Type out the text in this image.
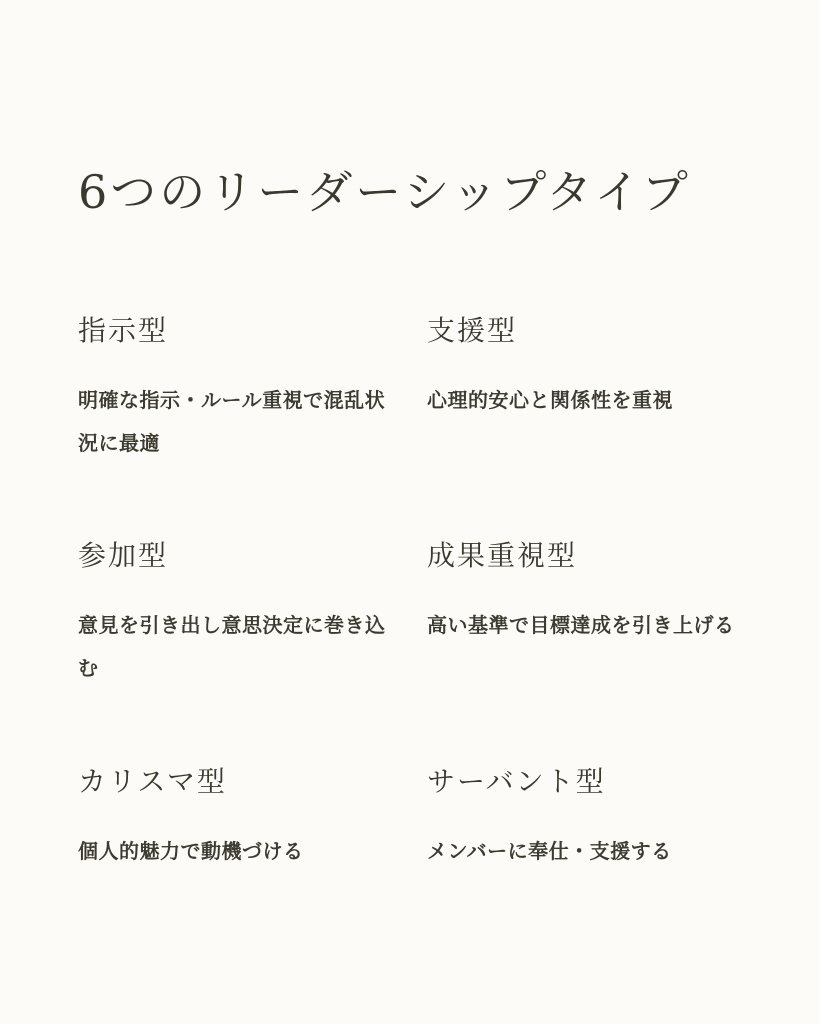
6つのリーダーシップタイプ
指示型

明確な指示・ルール重視で混乱状況に最適

支援型

心理的安心と関係性を重視

参加型

意見を引き出し意思決定に巻き込む

成果重視型

高い基準で目標達成を引き上げる

カリスマ型

個人的魅力で動機づける

サーバント型

メンバーに奉仕・支援する
